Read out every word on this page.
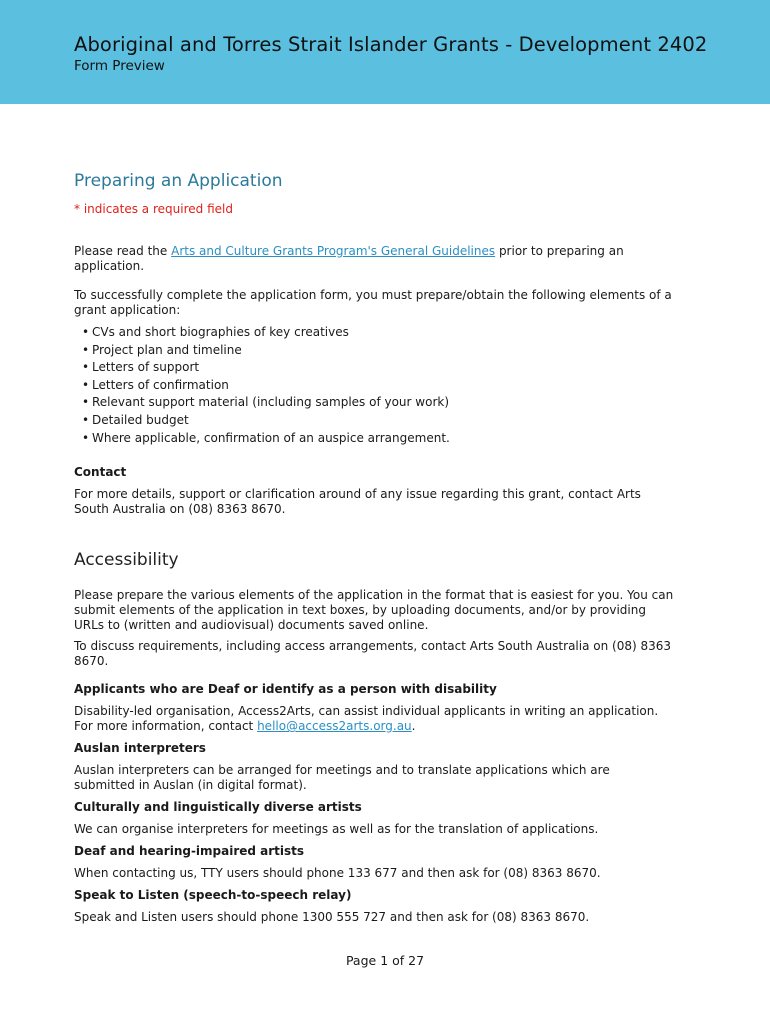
Aboriginal and Torres Strait Islander Grants - Development 2402
Form Preview
Preparing an Application

* indicates a required field

Please read the Arts and Culture Grants Program's General Guidelines prior to preparing an application.

To successfully complete the application form, you must prepare/obtain the following elements of a grant application:

• CVs and short biographies of key creatives
• Project plan and timeline
• Letters of support
• Letters of confirmation
• Relevant support material (including samples of your work)
• Detailed budget
• Where applicable, confirmation of an auspice arrangement.

Contact

For more details, support or clarification around of any issue regarding this grant, contact Arts South Australia on (08) 8363 8670.

Accessibility

Please prepare the various elements of the application in the format that is easiest for you. You can submit elements of the application in text boxes, by uploading documents, and/or by providing URLs to (written and audiovisual) documents saved online.

To discuss requirements, including access arrangements, contact Arts South Australia on (08) 8363 8670.

Applicants who are Deaf or identify as a person with disability

Disability-led organisation, Access2Arts, can assist individual applicants in writing an application. For more information, contact hello@access2arts.org.au.

Auslan interpreters

Auslan interpreters can be arranged for meetings and to translate applications which are submitted in Auslan (in digital format).

Culturally and linguistically diverse artists

We can organise interpreters for meetings as well as for the translation of applications.

Deaf and hearing-impaired artists

When contacting us, TTY users should phone 133 677 and then ask for (08) 8363 8670.

Speak to Listen (speech-to-speech relay)

Speak and Listen users should phone 1300 555 727 and then ask for (08) 8363 8670.

Page 1 of 27
